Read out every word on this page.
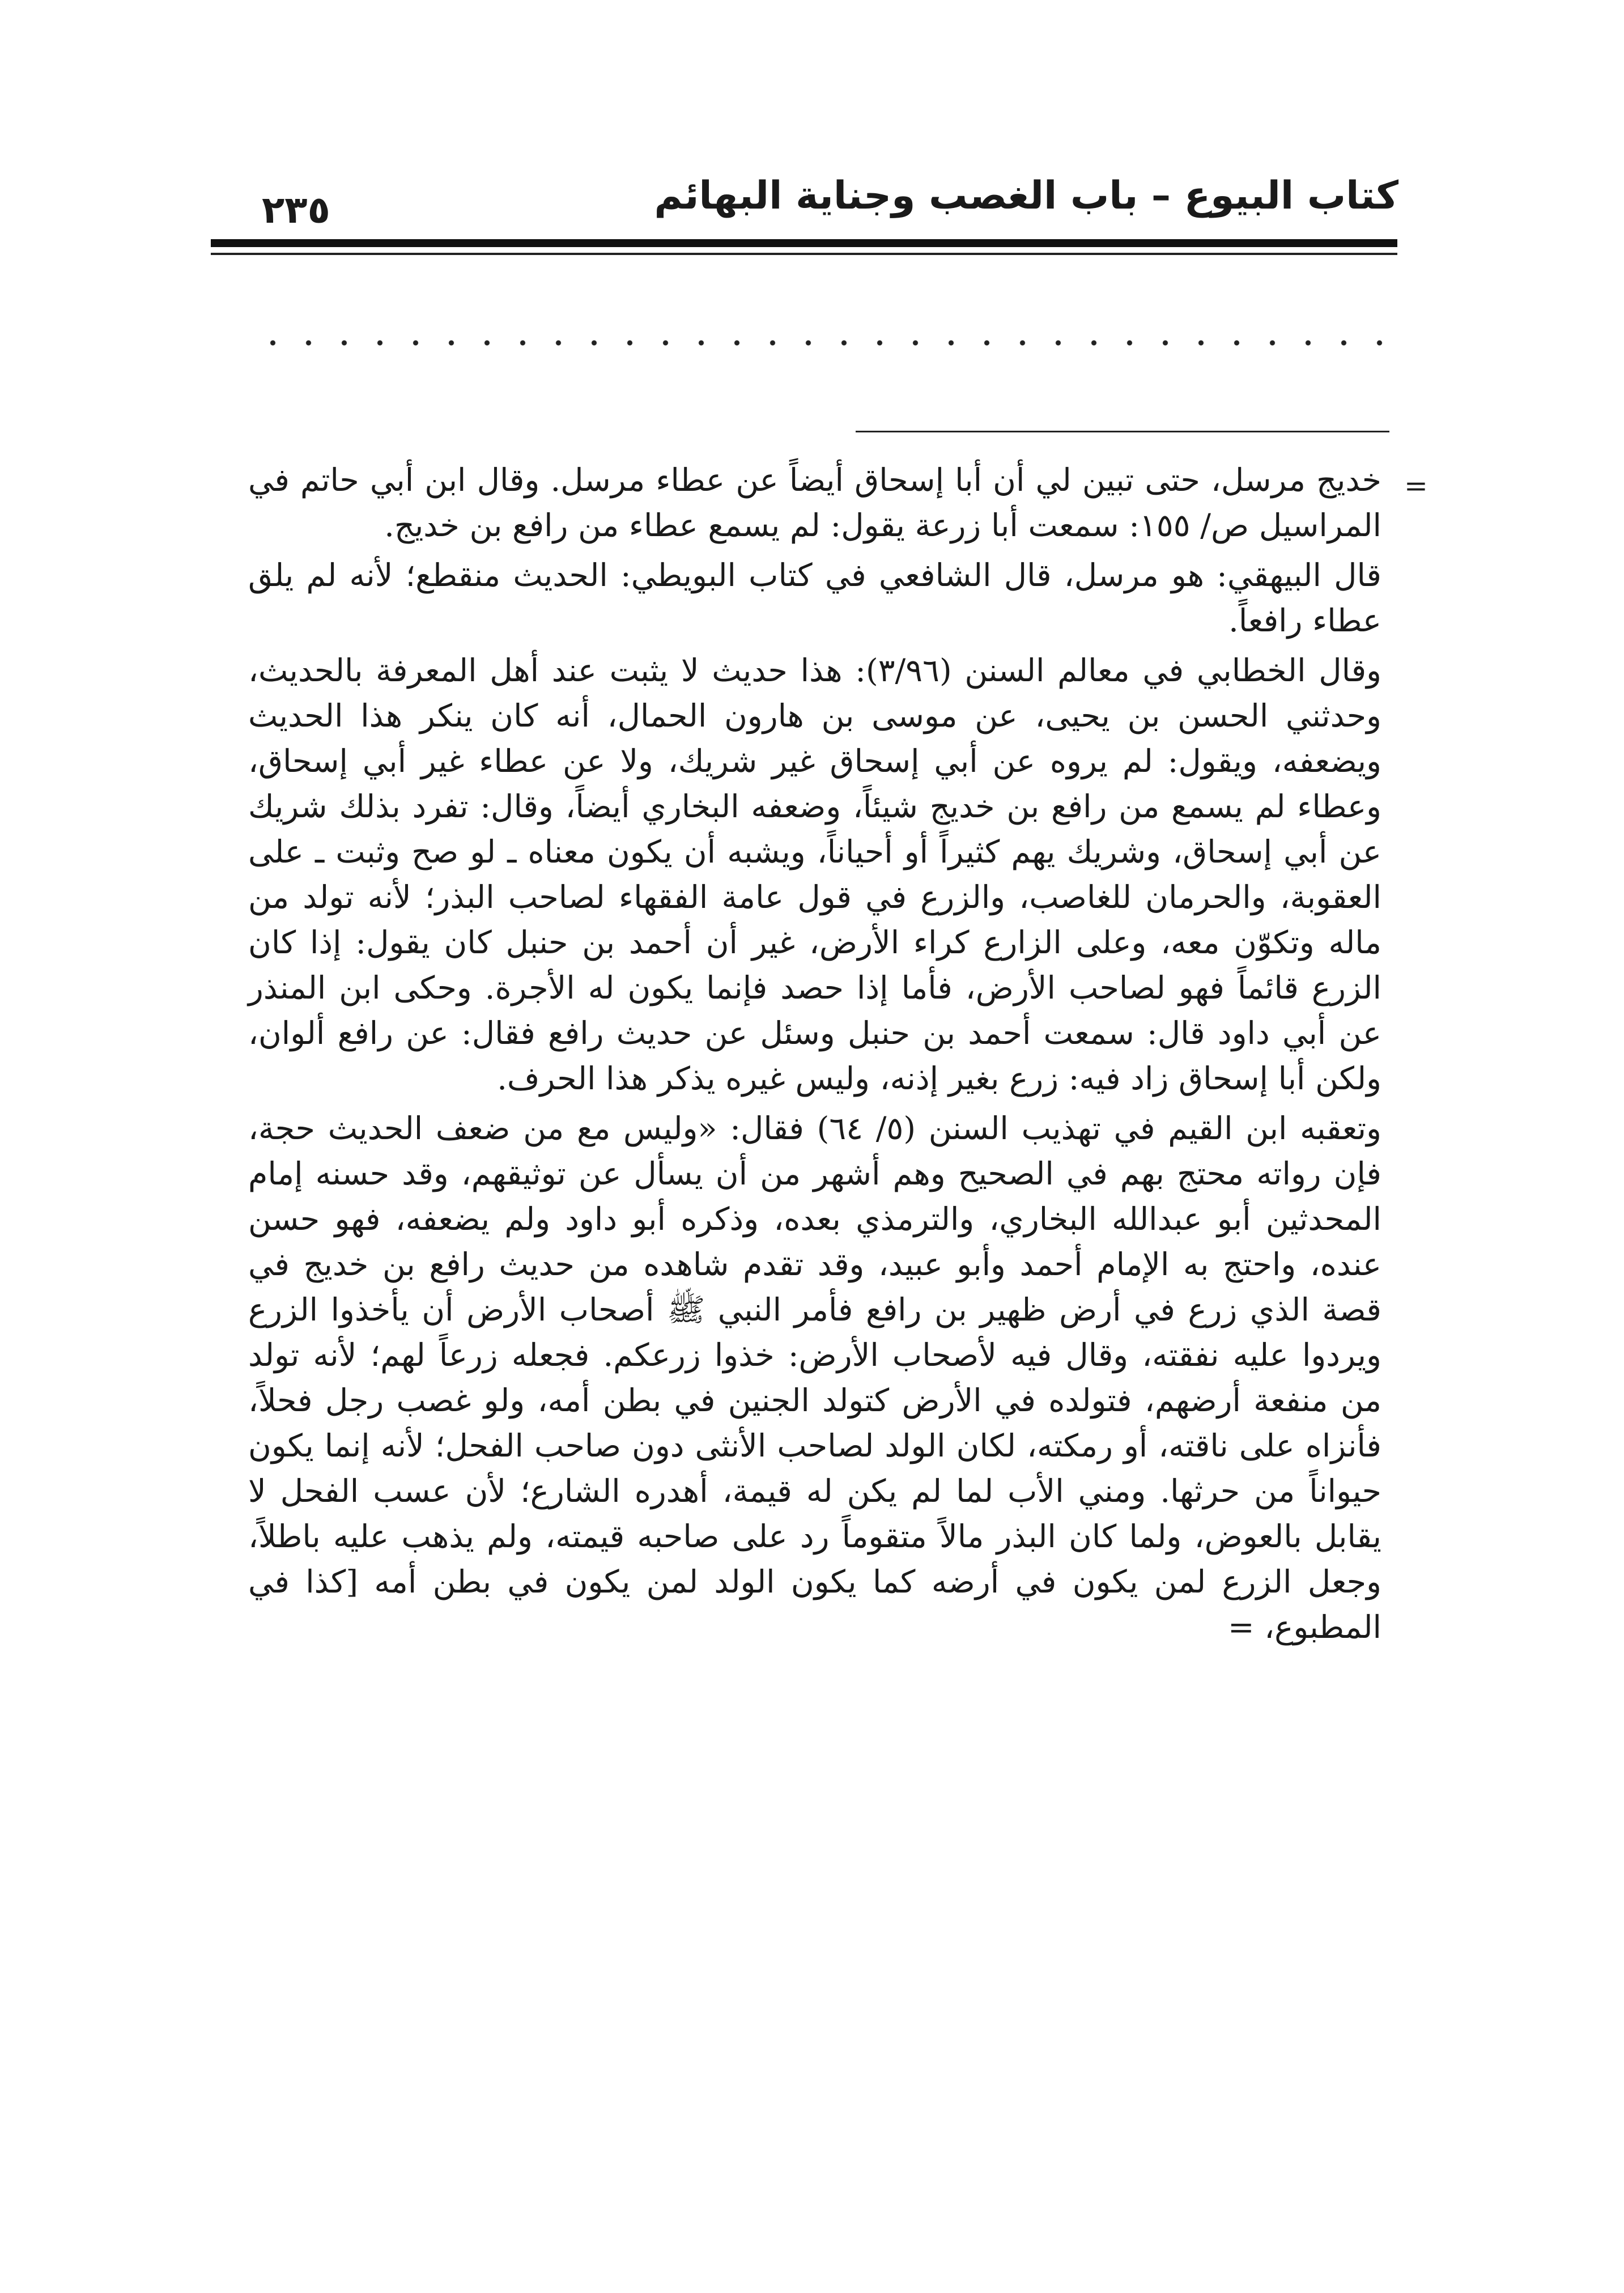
٢٣٥	كتاب البيوع – باب الغصب وجناية البهائم
=

خديج مرسل، حتى تبين لي أن أبا إسحاق أيضاً عن عطاء مرسل. وقال ابن أبي حاتم في المراسيل ص/ ١٥٥: سمعت أبا زرعة يقول: لم يسمع عطاء من رافع بن خديج.

قال البيهقي: هو مرسل، قال الشافعي في كتاب البويطي: الحديث منقطع؛ لأنه لم يلق عطاء رافعاً.

وقال الخطابي في معالم السنن (٣/٩٦): هذا حديث لا يثبت عند أهل المعرفة بالحديث، وحدثني الحسن بن يحيى، عن موسى بن هارون الحمال، أنه كان ينكر هذا الحديث ويضعفه، ويقول: لم يروه عن أبي إسحاق غير شريك، ولا عن عطاء غير أبي إسحاق، وعطاء لم يسمع من رافع بن خديج شيئاً، وضعفه البخاري أيضاً، وقال: تفرد بذلك شريك عن أبي إسحاق، وشريك يهم كثيراً أو أحياناً، ويشبه أن يكون معناه ـ لو صح وثبت ـ على العقوبة، والحرمان للغاصب، والزرع في قول عامة الفقهاء لصاحب البذر؛ لأنه تولد من ماله وتكوّن معه، وعلى الزارع كراء الأرض، غير أن أحمد بن حنبل كان يقول: إذا كان الزرع قائماً فهو لصاحب الأرض، فأما إذا حصد فإنما يكون له الأجرة. وحكى ابن المنذر عن أبي داود قال: سمعت أحمد بن حنبل وسئل عن حديث رافع فقال: عن رافع ألوان، ولكن أبا إسحاق زاد فيه: زرع بغير إذنه، وليس غيره يذكر هذا الحرف.

وتعقبه ابن القيم في تهذيب السنن (٥/ ٦٤) فقال: «وليس مع من ضعف الحديث حجة، فإن رواته محتج بهم في الصحيح وهم أشهر من أن يسأل عن توثيقهم، وقد حسنه إمام المحدثين أبو عبدالله البخاري، والترمذي بعده، وذكره أبو داود ولم يضعفه، فهو حسن عنده، واحتج به الإمام أحمد وأبو عبيد، وقد تقدم شاهده من حديث رافع بن خديج في قصة الذي زرع في أرض ظهير بن رافع فأمر النبي ﷺ أصحاب الأرض أن يأخذوا الزرع ويردوا عليه نفقته، وقال فيه لأصحاب الأرض: خذوا زرعكم. فجعله زرعاً لهم؛ لأنه تولد من منفعة أرضهم، فتولده في الأرض كتولد الجنين في بطن أمه، ولو غصب رجل فحلاً، فأنزاه على ناقته، أو رمكته، لكان الولد لصاحب الأنثى دون صاحب الفحل؛ لأنه إنما يكون حيواناً من حرثها. ومني الأب لما لم يكن له قيمة، أهدره الشارع؛ لأن عسب الفحل لا يقابل بالعوض، ولما كان البذر مالاً متقوماً رد على صاحبه قيمته، ولم يذهب عليه باطلاً، وجعل الزرع لمن يكون في أرضه كما يكون الولد لمن يكون في بطن أمه [كذا في المطبوع، =
